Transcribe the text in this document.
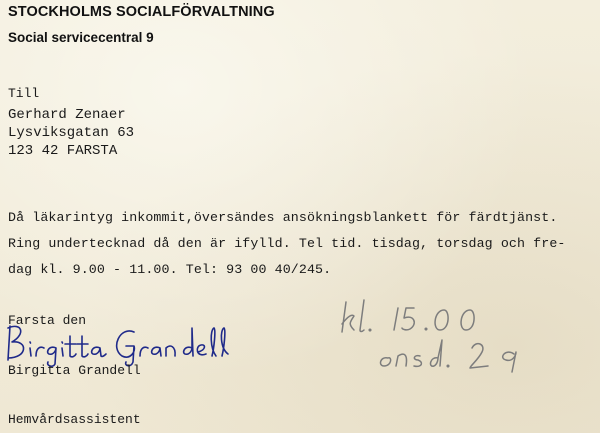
STOCKHOLMS SOCIALFÖRVALTNING
Social servicecentral 9
Till
Gerhard Zenaer
Lysviksgatan 63
123 42 FARSTA
Då läkarintyg inkommit,översändes ansökningsblankett för färdtjänst.
Ring undertecknad då den är ifylld. Tel tid. tisdag, torsdag och fre-
dag kl. 9.00 - 11.00. Tel: 93 00 40/245.
Farsta den
Birgitta Grandell
Hemvårdsassistent
